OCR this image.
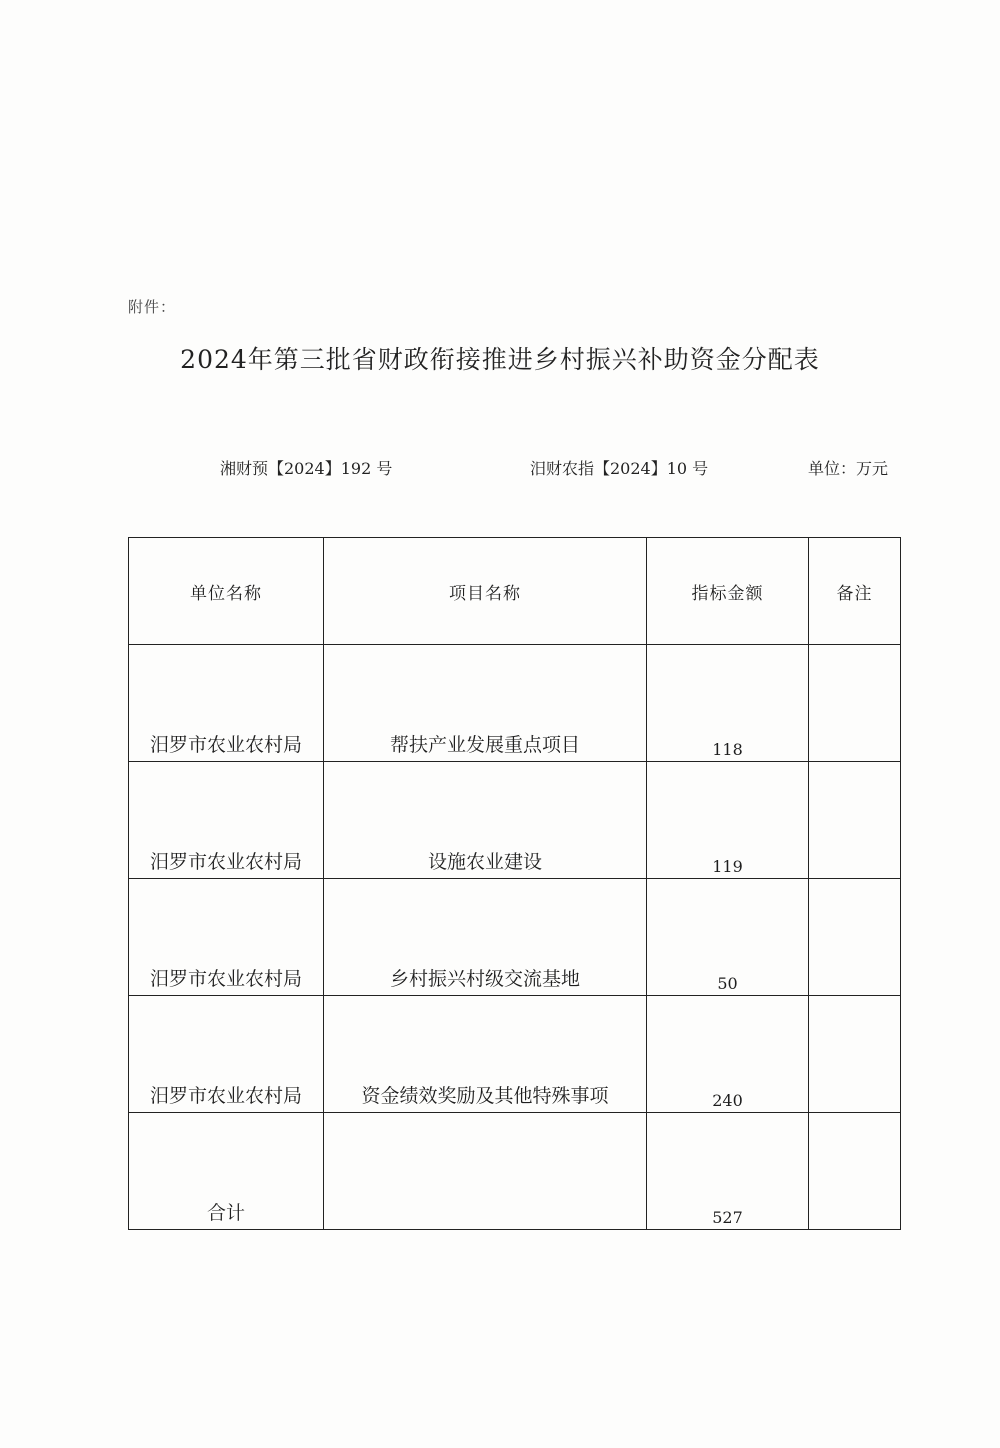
附件：
2024年第三批省财政衔接推进乡村振兴补助资金分配表
湘财预【2024】192 号	汨财农指【2024】10 号	单位：万元
单位名称	项目名称	指标金额	备注
汨罗市农业农村局	帮扶产业发展重点项目	118	
汨罗市农业农村局	设施农业建设	119	
汨罗市农业农村局	乡村振兴村级交流基地	50	
汨罗市农业农村局	资金绩效奖励及其他特殊事项	240	
合计		527	
